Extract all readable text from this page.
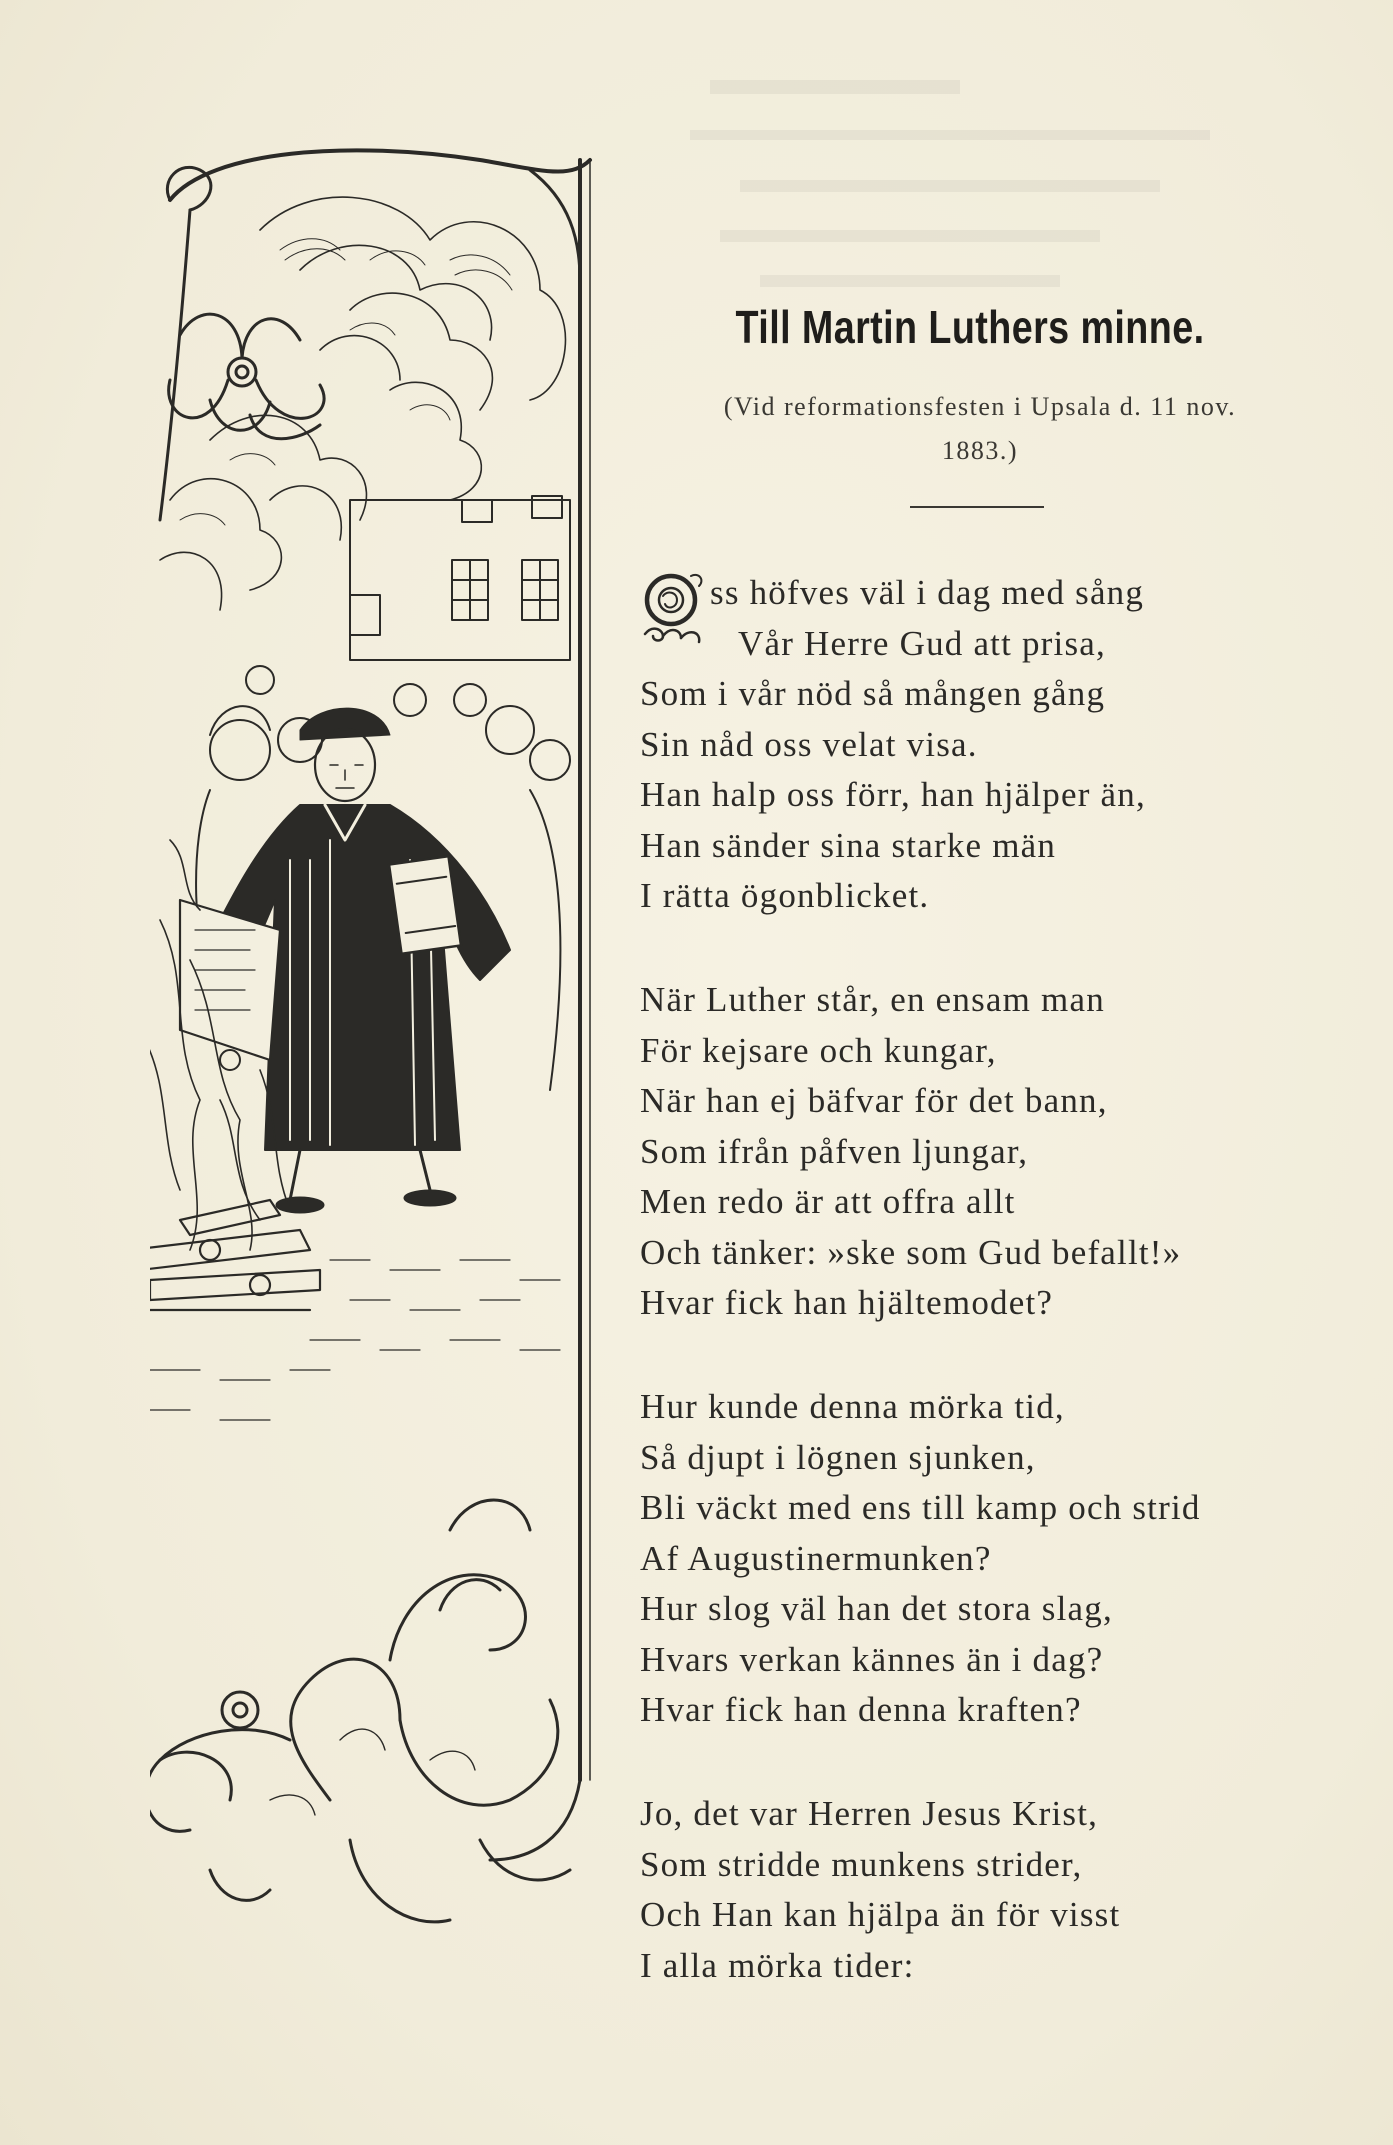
Till Martin Luthers minne.
(Vid reformationsfesten i Upsala d. 11 nov.
1883.)
ss höfves väl i dag med sång
Vår Herre Gud att prisa,
Som i vår nöd så mången gång
Sin nåd oss velat visa.
Han halp oss förr, han hjälper än,
Han sänder sina starke män
I rätta ögonblicket.
När Luther står, en ensam man
För kejsare och kungar,
När han ej bäfvar för det bann,
Som ifrån påfven ljungar,
Men redo är att offra allt
Och tänker: »ske som Gud befallt!»
Hvar fick han hjältemodet?
Hur kunde denna mörka tid,
Så djupt i lögnen sjunken,
Bli väckt med ens till kamp och strid
Af Augustinermunken?
Hur slog väl han det stora slag,
Hvars verkan kännes än i dag?
Hvar fick han denna kraften?
Jo, det var Herren Jesus Krist,
Som stridde munkens strider,
Och Han kan hjälpa än för visst
I alla mörka tider:
